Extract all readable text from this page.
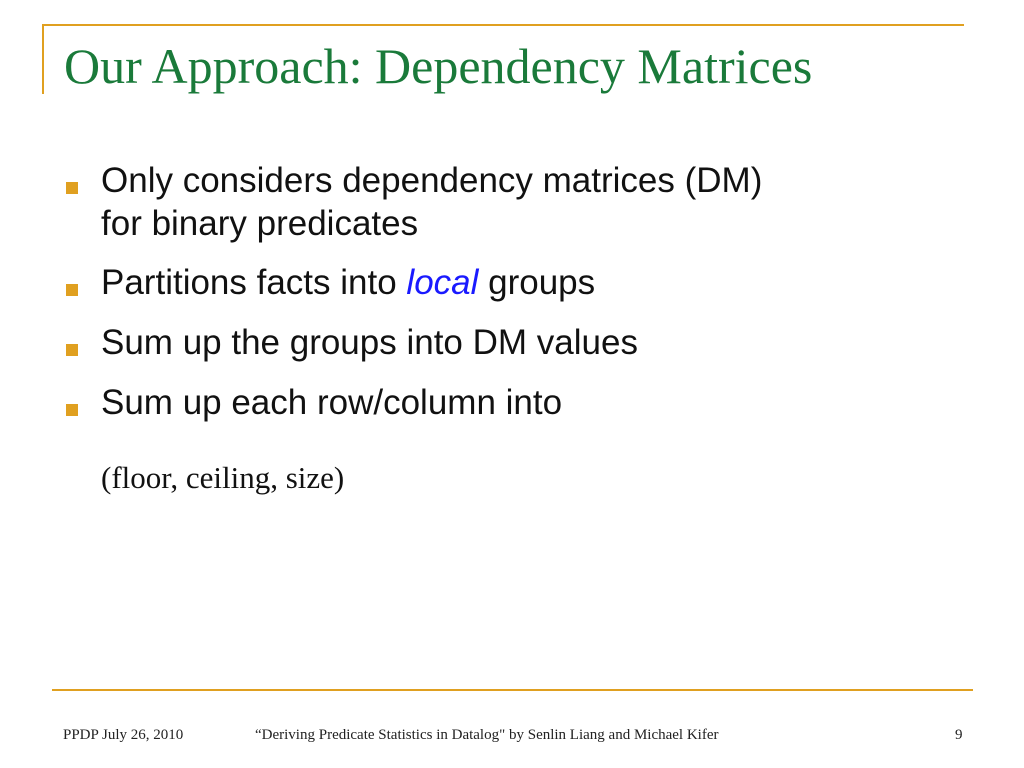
Our Approach: Dependency Matrices
Only considers dependency matrices (DM)
for binary predicates
Partitions facts into local groups
Sum up the groups into DM values
Sum up each row/column into

(floor, ceiling, size)

PPDP July 26, 2010	“Deriving Predicate Statistics in Datalog" by Senlin Liang and Michael Kifer	9
